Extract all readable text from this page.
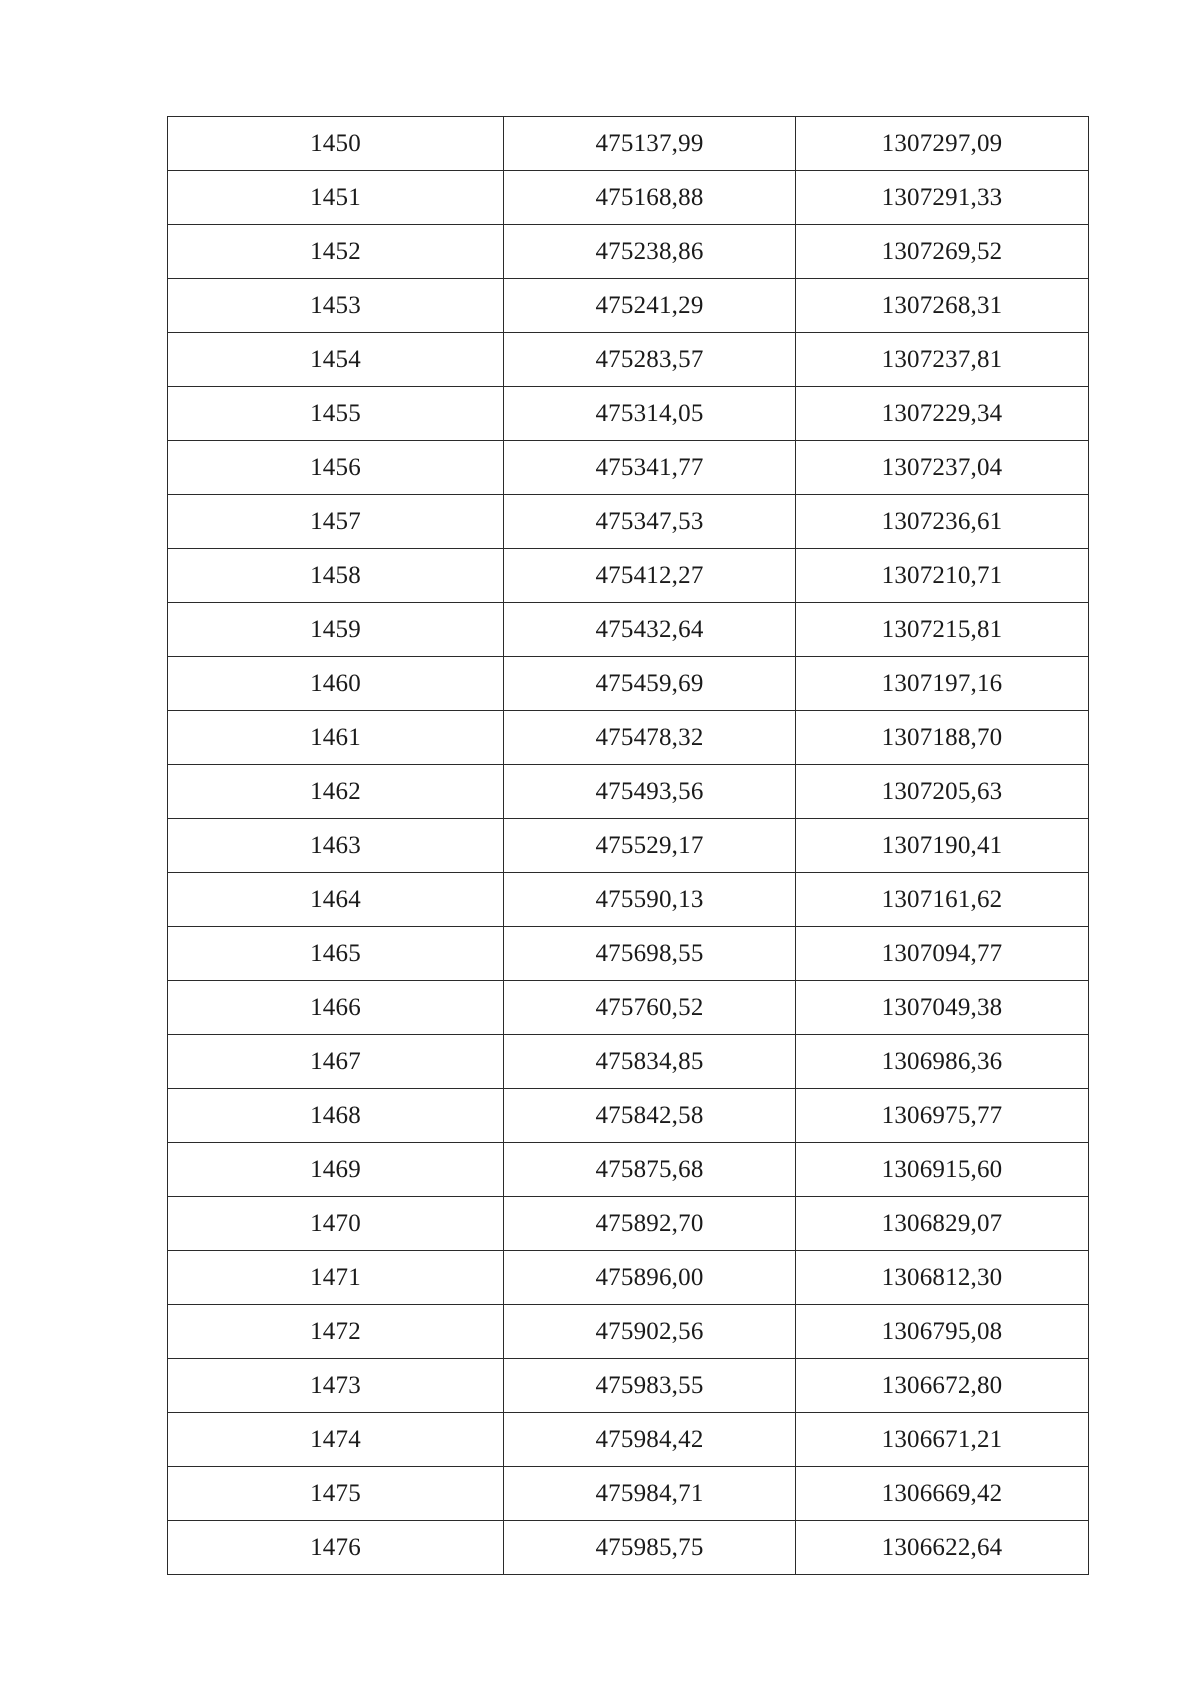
1450	475137,99	1307297,09
1451	475168,88	1307291,33
1452	475238,86	1307269,52
1453	475241,29	1307268,31
1454	475283,57	1307237,81
1455	475314,05	1307229,34
1456	475341,77	1307237,04
1457	475347,53	1307236,61
1458	475412,27	1307210,71
1459	475432,64	1307215,81
1460	475459,69	1307197,16
1461	475478,32	1307188,70
1462	475493,56	1307205,63
1463	475529,17	1307190,41
1464	475590,13	1307161,62
1465	475698,55	1307094,77
1466	475760,52	1307049,38
1467	475834,85	1306986,36
1468	475842,58	1306975,77
1469	475875,68	1306915,60
1470	475892,70	1306829,07
1471	475896,00	1306812,30
1472	475902,56	1306795,08
1473	475983,55	1306672,80
1474	475984,42	1306671,21
1475	475984,71	1306669,42
1476	475985,75	1306622,64
